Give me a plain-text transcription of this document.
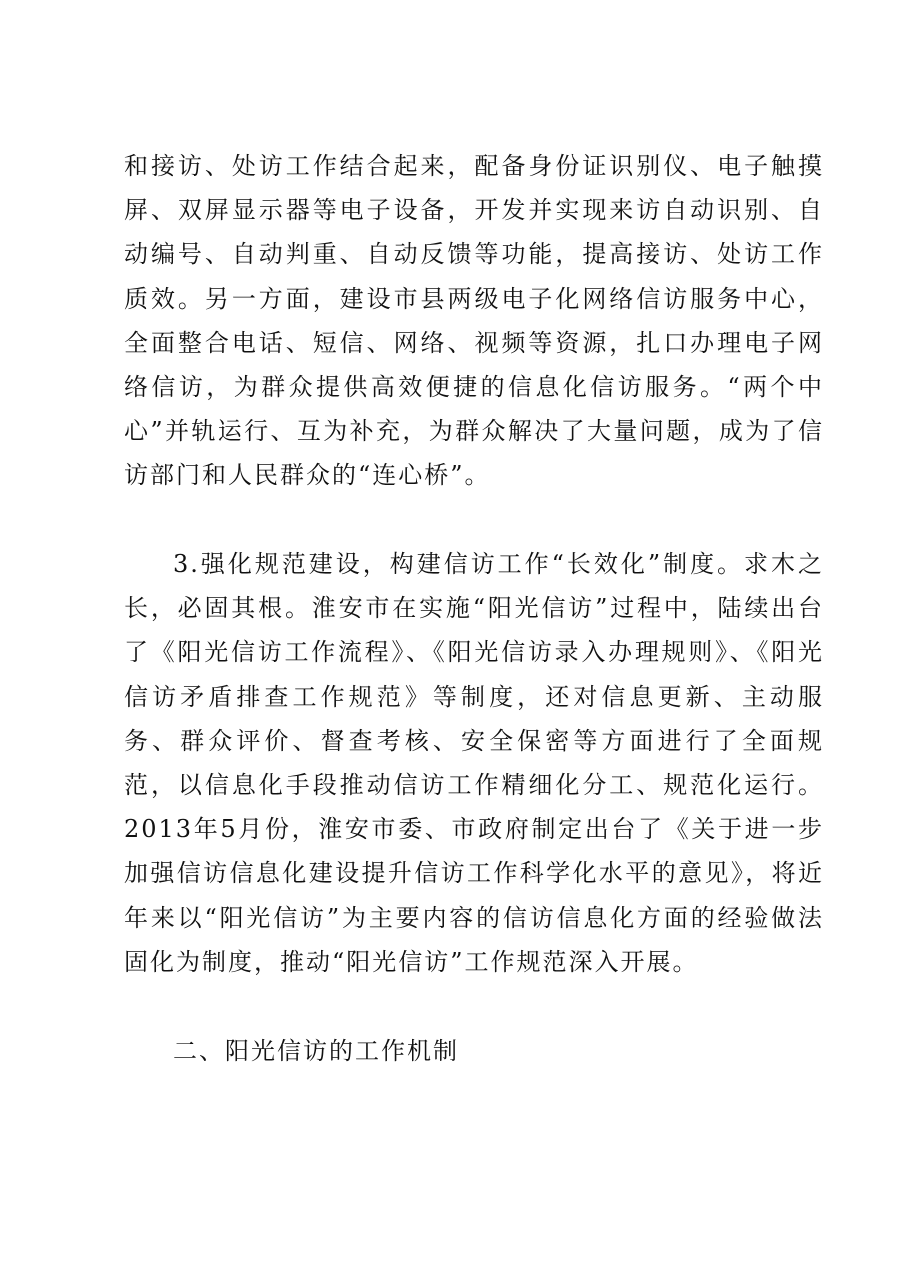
和接访、处访工作结合起来，配备身份证识别仪、电子触摸屏、双屏显示器等电子设备，开发并实现来访自动识别、自动编号、自动判重、自动反馈等功能，提高接访、处访工作质效。另一方面，建设市县两级电子化网络信访服务中心，全面整合电话、短信、网络、视频等资源，扎口办理电子网络信访，为群众提供高效便捷的信息化信访服务。“两个中心”并轨运行、互为补充，为群众解决了大量问题，成为了信访部门和人民群众的“连心桥”。

3.强化规范建设，构建信访工作“长效化”制度。求木之长，必固其根。淮安市在实施“阳光信访”过程中，陆续出台了《阳光信访工作流程》、《阳光信访录入办理规则》、《阳光信访矛盾排查工作规范》等制度，还对信息更新、主动服务、群众评价、督查考核、安全保密等方面进行了全面规范，以信息化手段推动信访工作精细化分工、规范化运行。2013年5月份，淮安市委、市政府制定出台了《关于进一步加强信访信息化建设提升信访工作科学化水平的意见》，将近年来以“阳光信访”为主要内容的信访信息化方面的经验做法固化为制度，推动“阳光信访”工作规范深入开展。

二、阳光信访的工作机制
